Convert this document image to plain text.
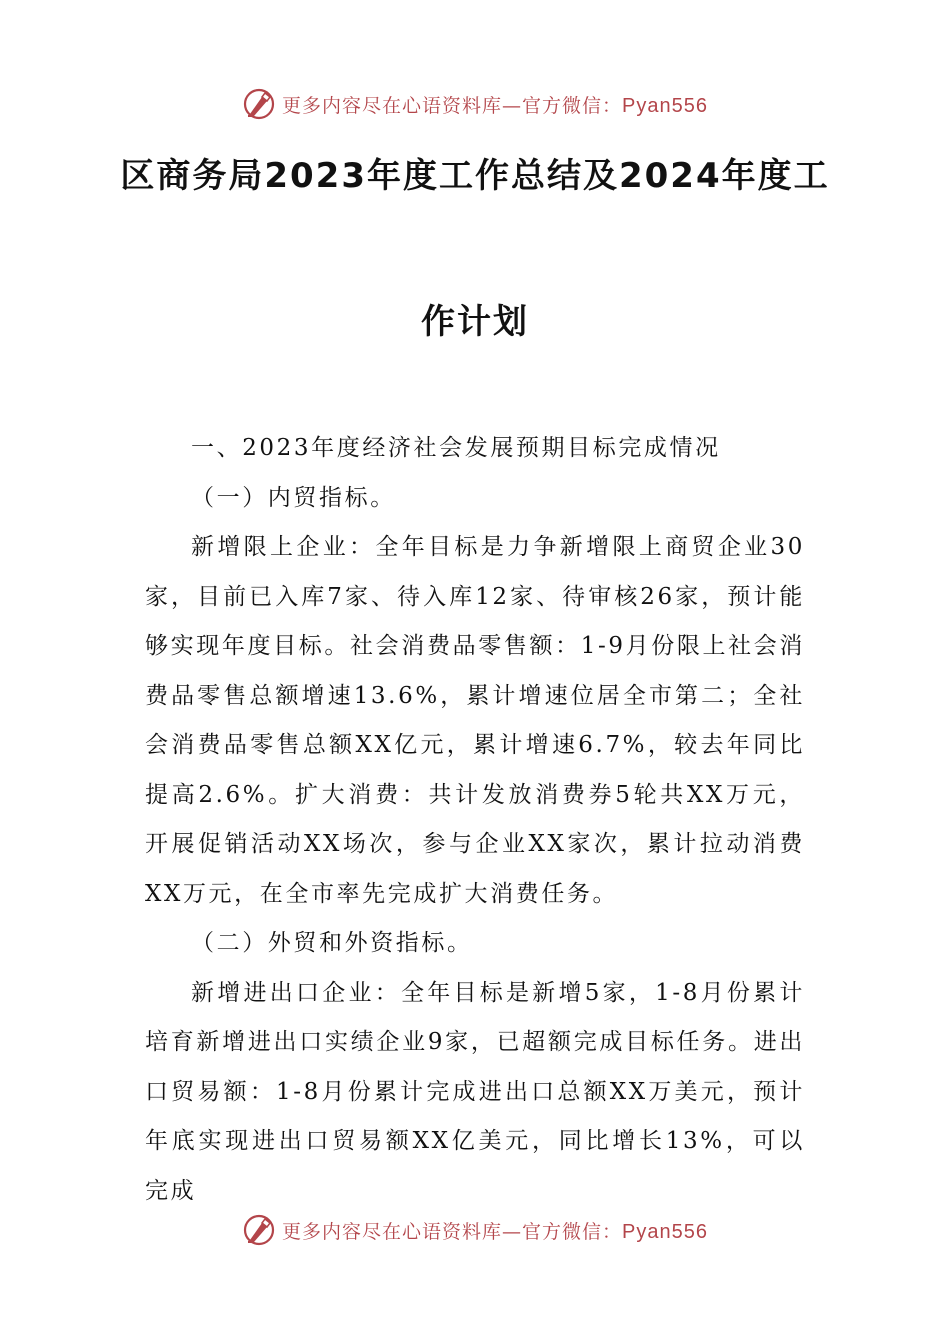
更多内容尽在心语资料库—官方微信：Pyan556
区商务局2023年度工作总结及2024年度工
作计划

一、2023年度经济社会发展预期目标完成情况

（一）内贸指标。

新增限上企业：全年目标是力争新增限上商贸企业30家，目前已入库7家、待入库12家、待审核26家，预计能够实现年度目标。社会消费品零售额：1-9月份限上社会消费品零售总额增速13.6%，累计增速位居全市第二；全社会消费品零售总额XX亿元，累计增速6.7%，较去年同比提高2.6%。扩大消费：共计发放消费券5轮共XX万元，开展促销活动XX场次，参与企业XX家次，累计拉动消费XX万元，在全市率先完成扩大消费任务。

（二）外贸和外资指标。

新增进出口企业：全年目标是新增5家，1-8月份累计培育新增进出口实绩企业9家，已超额完成目标任务。进出口贸易额：1-8月份累计完成进出口总额XX万美元，预计年底实现进出口贸易额XX亿美元，同比增长13%，可以完成

更多内容尽在心语资料库—官方微信：Pyan556
